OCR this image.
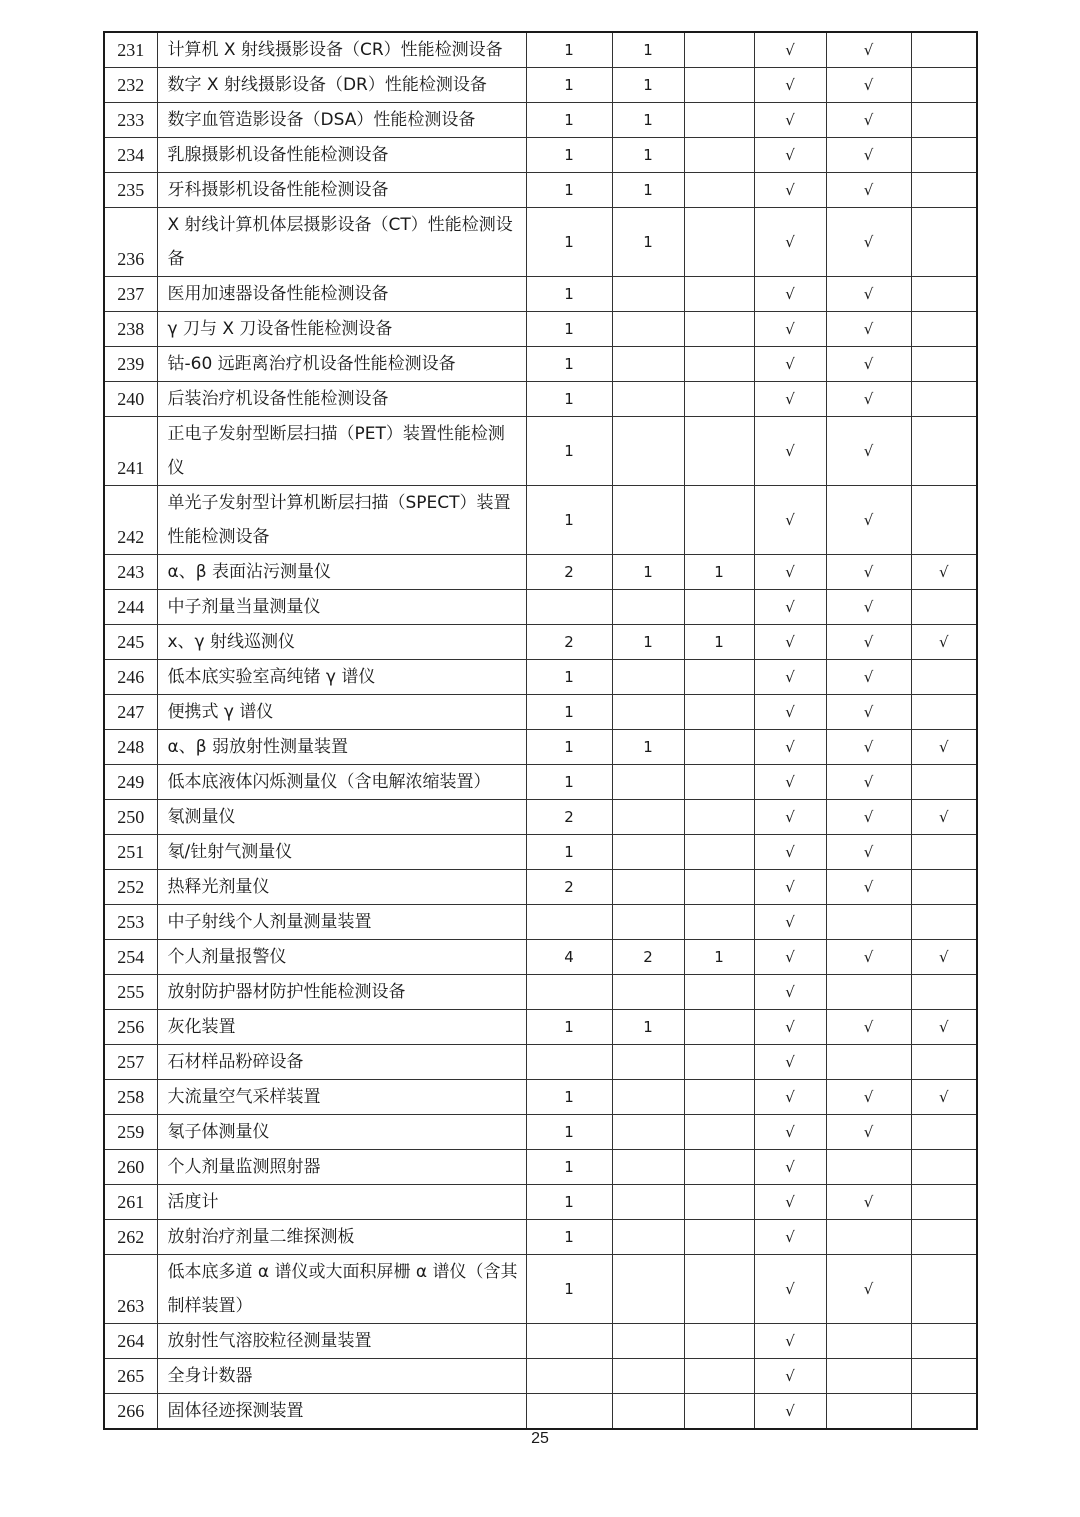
231	计算机 X 射线摄影设备（CR）性能检测设备	1	1		√	√	
232	数字 X 射线摄影设备（DR）性能检测设备	1	1		√	√	
233	数字血管造影设备（DSA）性能检测设备	1	1		√	√	
234	乳腺摄影机设备性能检测设备	1	1		√	√	
235	牙科摄影机设备性能检测设备	1	1		√	√	
236	X 射线计算机体层摄影设备（CT）性能检测设备	1	1		√	√	
237	医用加速器设备性能检测设备	1			√	√	
238	γ 刀与 X 刀设备性能检测设备	1			√	√	
239	钴-60 远距离治疗机设备性能检测设备	1			√	√	
240	后装治疗机设备性能检测设备	1			√	√	
241	正电子发射型断层扫描（PET）装置性能检测仪	1			√	√	
242	单光子发射型计算机断层扫描（SPECT）装置性能检测设备	1			√	√	
243	α、β 表面沾污测量仪	2	1	1	√	√	√
244	中子剂量当量测量仪				√	√	
245	x、γ 射线巡测仪	2	1	1	√	√	√
246	低本底实验室高纯锗 γ 谱仪	1			√	√	
247	便携式 γ 谱仪	1			√	√	
248	α、β 弱放射性测量装置	1	1		√	√	√
249	低本底液体闪烁测量仪（含电解浓缩装置）	1			√	√	
250	氡测量仪	2			√	√	√
251	氡/钍射气测量仪	1			√	√	
252	热释光剂量仪	2			√	√	
253	中子射线个人剂量测量装置				√		
254	个人剂量报警仪	4	2	1	√	√	√
255	放射防护器材防护性能检测设备				√		
256	灰化装置	1	1		√	√	√
257	石材样品粉碎设备				√		
258	大流量空气采样装置	1			√	√	√
259	氡子体测量仪	1			√	√	
260	个人剂量监测照射器	1			√		
261	活度计	1			√	√	
262	放射治疗剂量二维探测板	1			√		
263	低本底多道 α 谱仪或大面积屏栅 α 谱仪（含其制样装置）	1			√	√	
264	放射性气溶胶粒径测量装置				√		
265	全身计数器				√		
266	固体径迹探测装置				√		
25
